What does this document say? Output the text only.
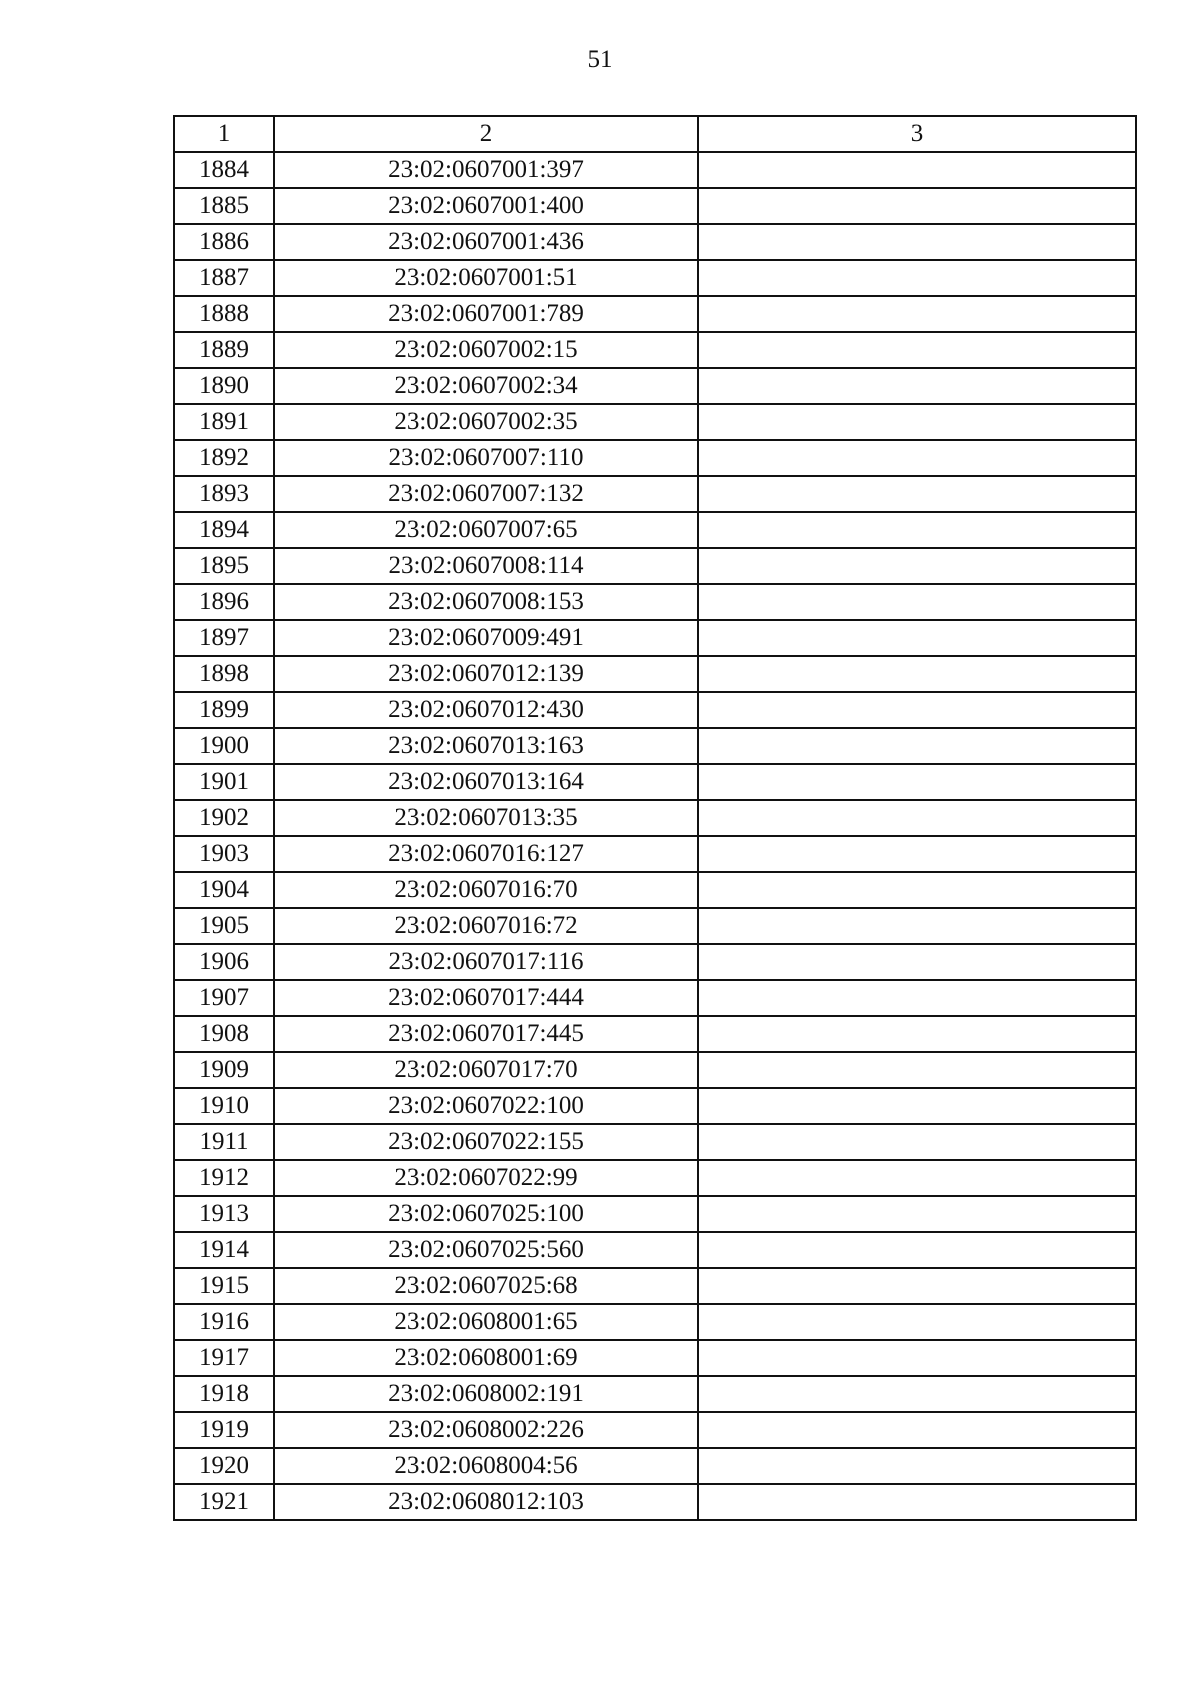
51
1	2	3
1884	23:02:0607001:397	
1885	23:02:0607001:400	
1886	23:02:0607001:436	
1887	23:02:0607001:51	
1888	23:02:0607001:789	
1889	23:02:0607002:15	
1890	23:02:0607002:34	
1891	23:02:0607002:35	
1892	23:02:0607007:110	
1893	23:02:0607007:132	
1894	23:02:0607007:65	
1895	23:02:0607008:114	
1896	23:02:0607008:153	
1897	23:02:0607009:491	
1898	23:02:0607012:139	
1899	23:02:0607012:430	
1900	23:02:0607013:163	
1901	23:02:0607013:164	
1902	23:02:0607013:35	
1903	23:02:0607016:127	
1904	23:02:0607016:70	
1905	23:02:0607016:72	
1906	23:02:0607017:116	
1907	23:02:0607017:444	
1908	23:02:0607017:445	
1909	23:02:0607017:70	
1910	23:02:0607022:100	
1911	23:02:0607022:155	
1912	23:02:0607022:99	
1913	23:02:0607025:100	
1914	23:02:0607025:560	
1915	23:02:0607025:68	
1916	23:02:0608001:65	
1917	23:02:0608001:69	
1918	23:02:0608002:191	
1919	23:02:0608002:226	
1920	23:02:0608004:56	
1921	23:02:0608012:103	
